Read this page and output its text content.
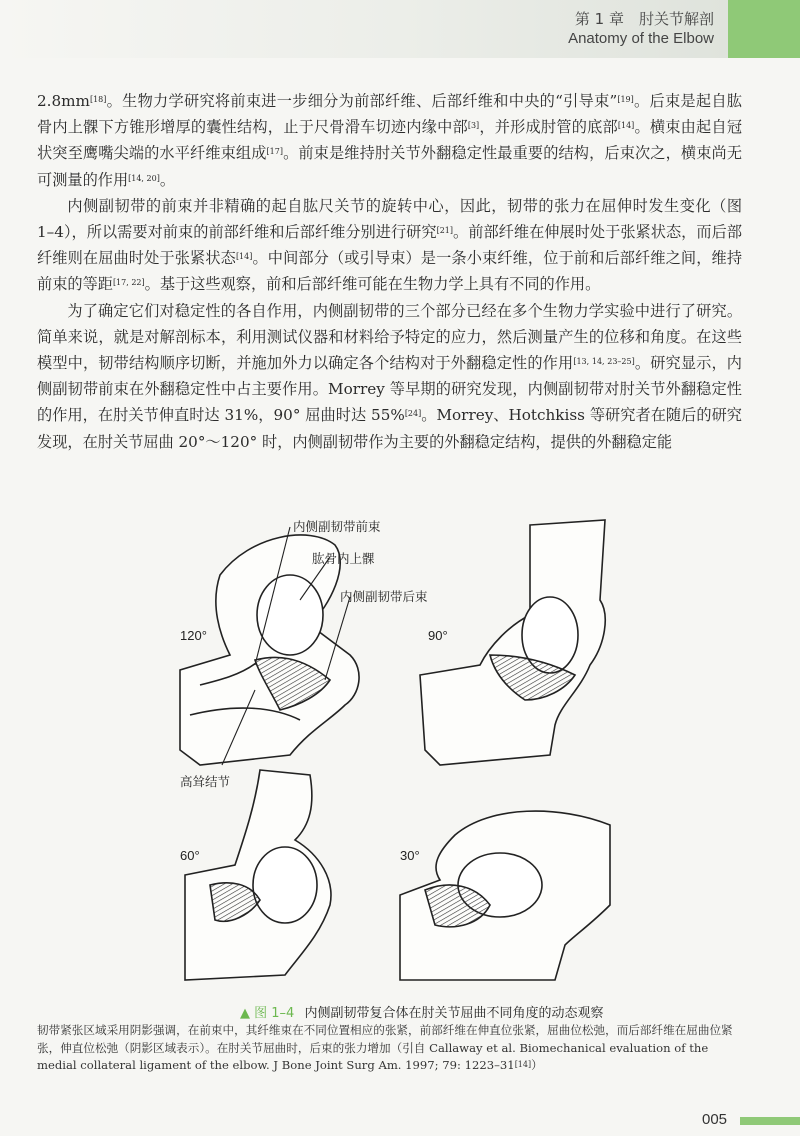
第 1 章　肘关节解剖
Anatomy of the Elbow

2.8mm[18]。生物力学研究将前束进一步细分为前部纤维、后部纤维和中央的“引导束”[19]。后束是起自肱骨内上髁下方锥形增厚的囊性结构，止于尺骨滑车切迹内缘中部[3]，并形成肘管的底部[14]。横束由起自冠状突至鹰嘴尖端的水平纤维束组成[17]。前束是维持肘关节外翻稳定性最重要的结构，后束次之，横束尚无可测量的作用[14, 20]。

内侧副韧带的前束并非精确的起自肱尺关节的旋转中心，因此，韧带的张力在屈伸时发生变化（图 1–4），所以需要对前束的前部纤维和后部纤维分别进行研究[21]。前部纤维在伸展时处于张紧状态，而后部纤维则在屈曲时处于张紧状态[14]。中间部分（或引导束）是一条小束纤维，位于前和后部纤维之间，维持前束的等距[17, 22]。基于这些观察，前和后部纤维可能在生物力学上具有不同的作用。

为了确定它们对稳定性的各自作用，内侧副韧带的三个部分已经在多个生物力学实验中进行了研究。简单来说，就是对解剖标本，利用测试仪器和材料给予特定的应力，然后测量产生的位移和角度。在这些模型中，韧带结构顺序切断，并施加外力以确定各个结构对于外翻稳定性的作用[13, 14, 23–25]。研究显示，内侧副韧带前束在外翻稳定性中占主要作用。Morrey 等早期的研究发现，内侧副韧带对肘关节外翻稳定性的作用，在肘关节伸直时达 31%，90° 屈曲时达 55%[24]。Morrey、Hotchkiss 等研究者在随后的研究发现，在肘关节屈曲 20°～120° 时，内侧副韧带作为主要的外翻稳定结构，提供的外翻稳定能

内侧副韧带前束
肱骨内上髁
内侧副韧带后束
高耸结节
120°	90°
60°	30°
▲ 图 1–4 内侧副韧带复合体在肘关节屈曲不同角度的动态观察
韧带紧张区域采用阴影强调，在前束中，其纤维束在不同位置相应的张紧，前部纤维在伸直位张紧，屈曲位松弛，而后部纤维在屈曲位紧张，伸直位松弛（阴影区域表示）。在肘关节屈曲时，后束的张力增加（引自 Callaway et al. Biomechanical evaluation of the medial collateral ligament of the elbow. J Bone Joint Surg Am. 1997; 79: 1223–31[14]）
005
